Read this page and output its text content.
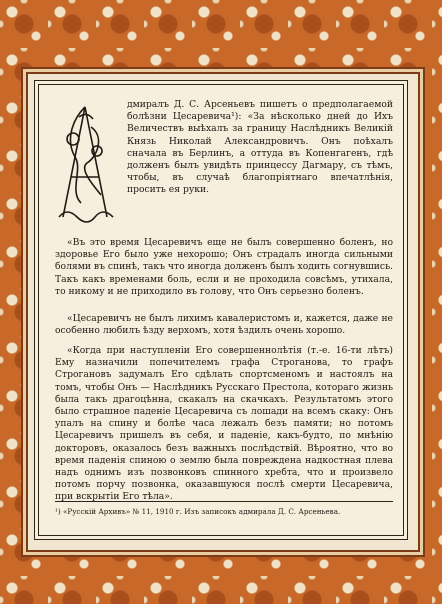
А
дмиралъ Д. С. Арсеньевъ пишетъ о предполагаемой болѣзни Цесаревича¹): «За нѣсколько дней до Ихъ Величествъ выѣхалъ за границу Наслѣдникъ Великій Князь Николай Александровичъ. Онъ поѣхалъ сначала въ Берлинъ, а оттуда въ Копенгагенъ, гдѣ долженъ былъ увидѣть принцессу Дагмару, съ тѣмъ, чтобы, въ случаѣ благопріятнаго впечатлѣнія, просить ея руки.
«Въ это время Цесаревичъ еще не былъ совершенно боленъ, но здоровье Его было уже нехорошо; Онъ страдалъ иногда сильными болями въ спинѣ, такъ что иногда долженъ былъ ходить согнувшись. Такъ какъ временами боль, если и не проходила совсѣмъ, утихала, то никому и не приходило въ голову, что Онъ серьезно боленъ.
«Цесаревичъ не былъ лихимъ кавалеристомъ и, кажется, даже не особенно любилъ ѣзду верхомъ, хотя ѣздилъ очень хорошо.
«Когда при наступленіи Его совершеннолѣтія (т.-е. 16-ти лѣтъ) Ему назначили попечителемъ графа Строганова, то графъ Строгановъ задумалъ Его сдѣлать спортсменомъ и настоялъ на томъ, чтобы Онъ — Наслѣдникъ Русскаго Престола, котораго жизнь была такъ драгоцѣнна, скакалъ на скачкахъ. Результатомъ этого было страшное паденіе Цесаревича съ лошади на всемъ скаку: Онъ упалъ на спину и болѣе часа лежалъ безъ памяти; но потомъ Цесаревичъ пришелъ въ себя, и паденіе, какъ-будто, по мнѣнію докторовъ, оказалось безъ важныхъ послѣдствій. Вѣроятно, что во время паденія спиною о землю была повреждена надкостная плева надъ однимъ изъ позвонковъ спинного хребта, что и произвело потомъ порчу позвонка, оказавшуюся послѣ смерти Цесаревича, при вскрытіи Его тѣла».
¹) «Русскій Архивъ» № 11, 1910 г. Изъ записокъ адмирала Д. С. Арсеньева.
